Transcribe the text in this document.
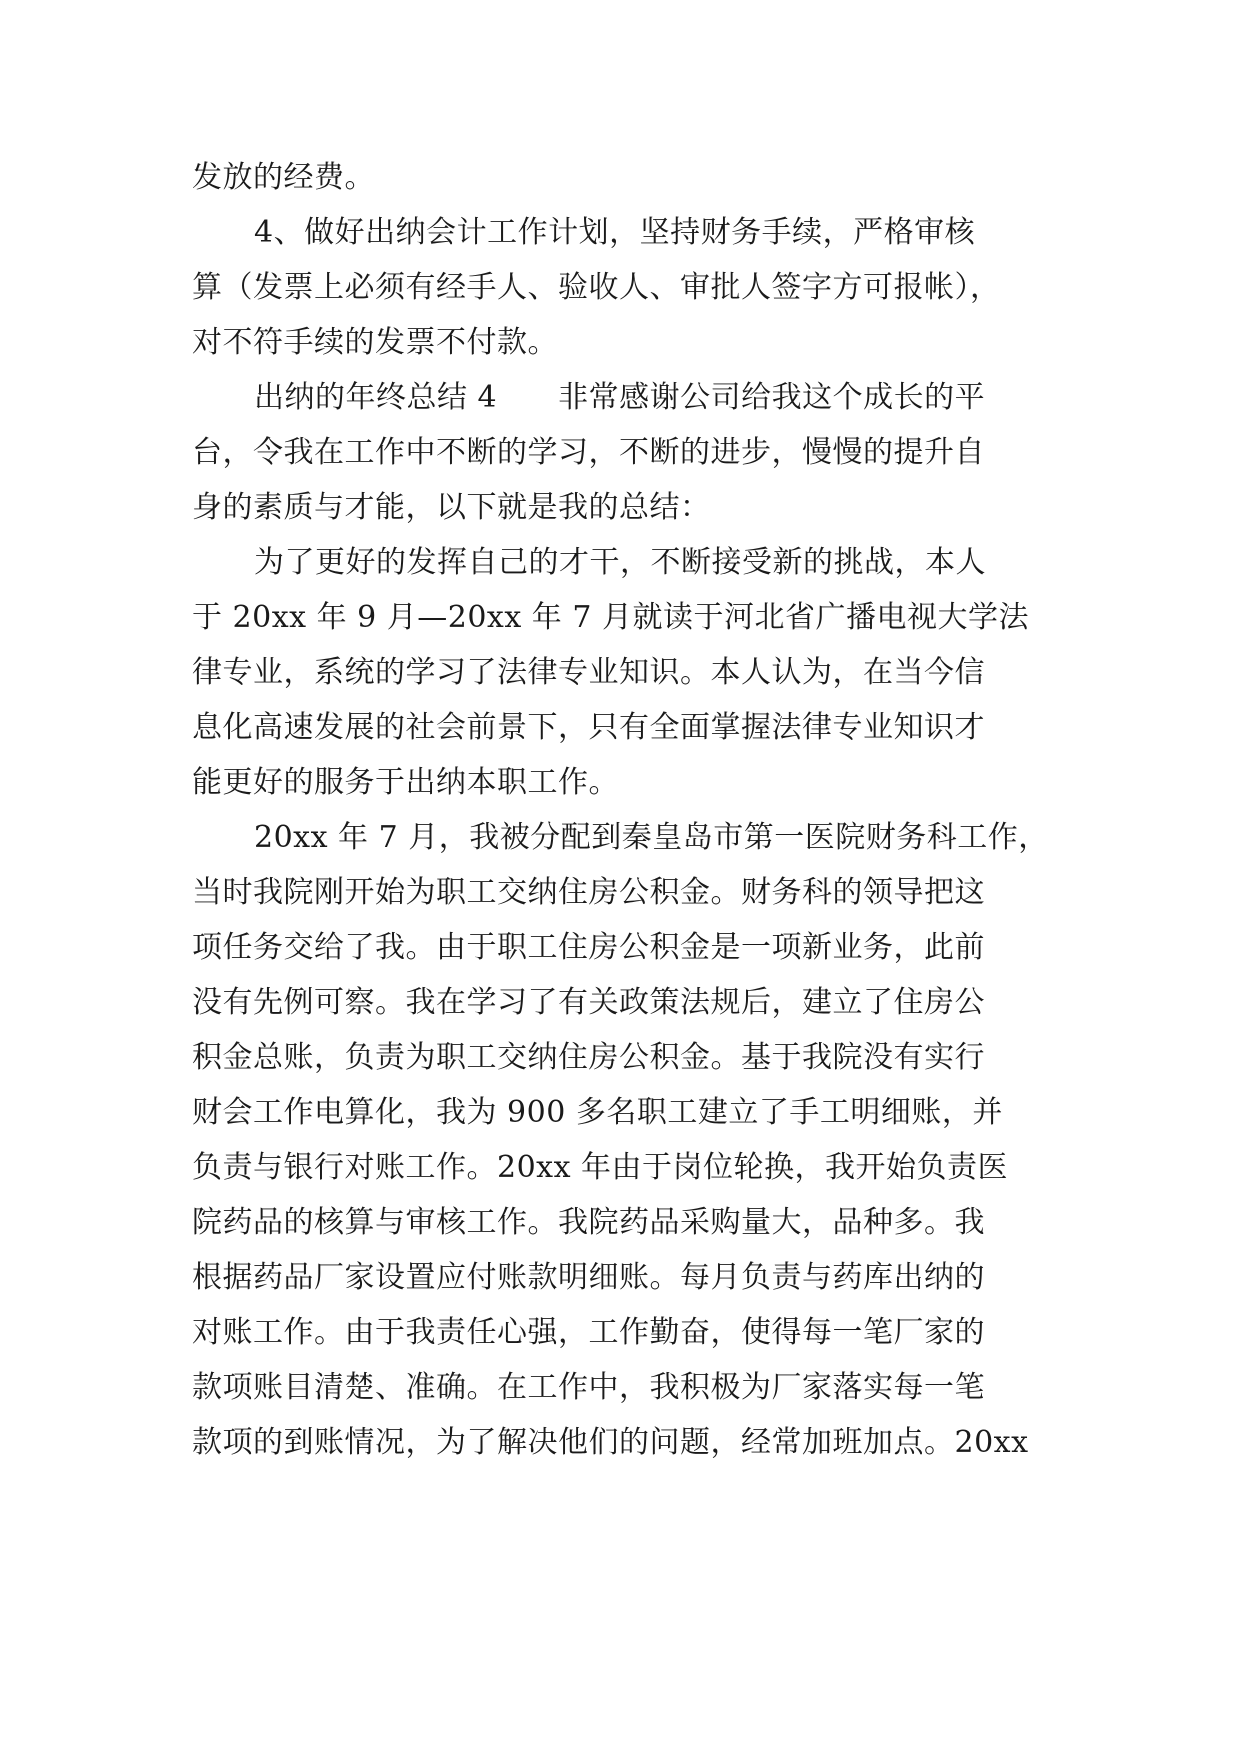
发放的经费。
4、做好出纳会计工作计划，坚持财务手续，严格审核
算（发票上必须有经手人、验收人、审批人签字方可报帐），
对不符手续的发票不付款。
出纳的年终总结 4　　非常感谢公司给我这个成长的平
台，令我在工作中不断的学习，不断的进步，慢慢的提升自
身的素质与才能，以下就是我的总结：
为了更好的发挥自己的才干，不断接受新的挑战，本人
于 20xx 年 9 月—20xx 年 7 月就读于河北省广播电视大学法
律专业，系统的学习了法律专业知识。本人认为，在当今信
息化高速发展的社会前景下，只有全面掌握法律专业知识才
能更好的服务于出纳本职工作。
20xx 年 7 月，我被分配到秦皇岛市第一医院财务科工作，
当时我院刚开始为职工交纳住房公积金。财务科的领导把这
项任务交给了我。由于职工住房公积金是一项新业务，此前
没有先例可察。我在学习了有关政策法规后，建立了住房公
积金总账，负责为职工交纳住房公积金。基于我院没有实行
财会工作电算化，我为 900 多名职工建立了手工明细账，并
负责与银行对账工作。20xx 年由于岗位轮换，我开始负责医
院药品的核算与审核工作。我院药品采购量大，品种多。我
根据药品厂家设置应付账款明细账。每月负责与药库出纳的
对账工作。由于我责任心强，工作勤奋，使得每一笔厂家的
款项账目清楚、准确。在工作中，我积极为厂家落实每一笔
款项的到账情况，为了解决他们的问题，经常加班加点。20xx
